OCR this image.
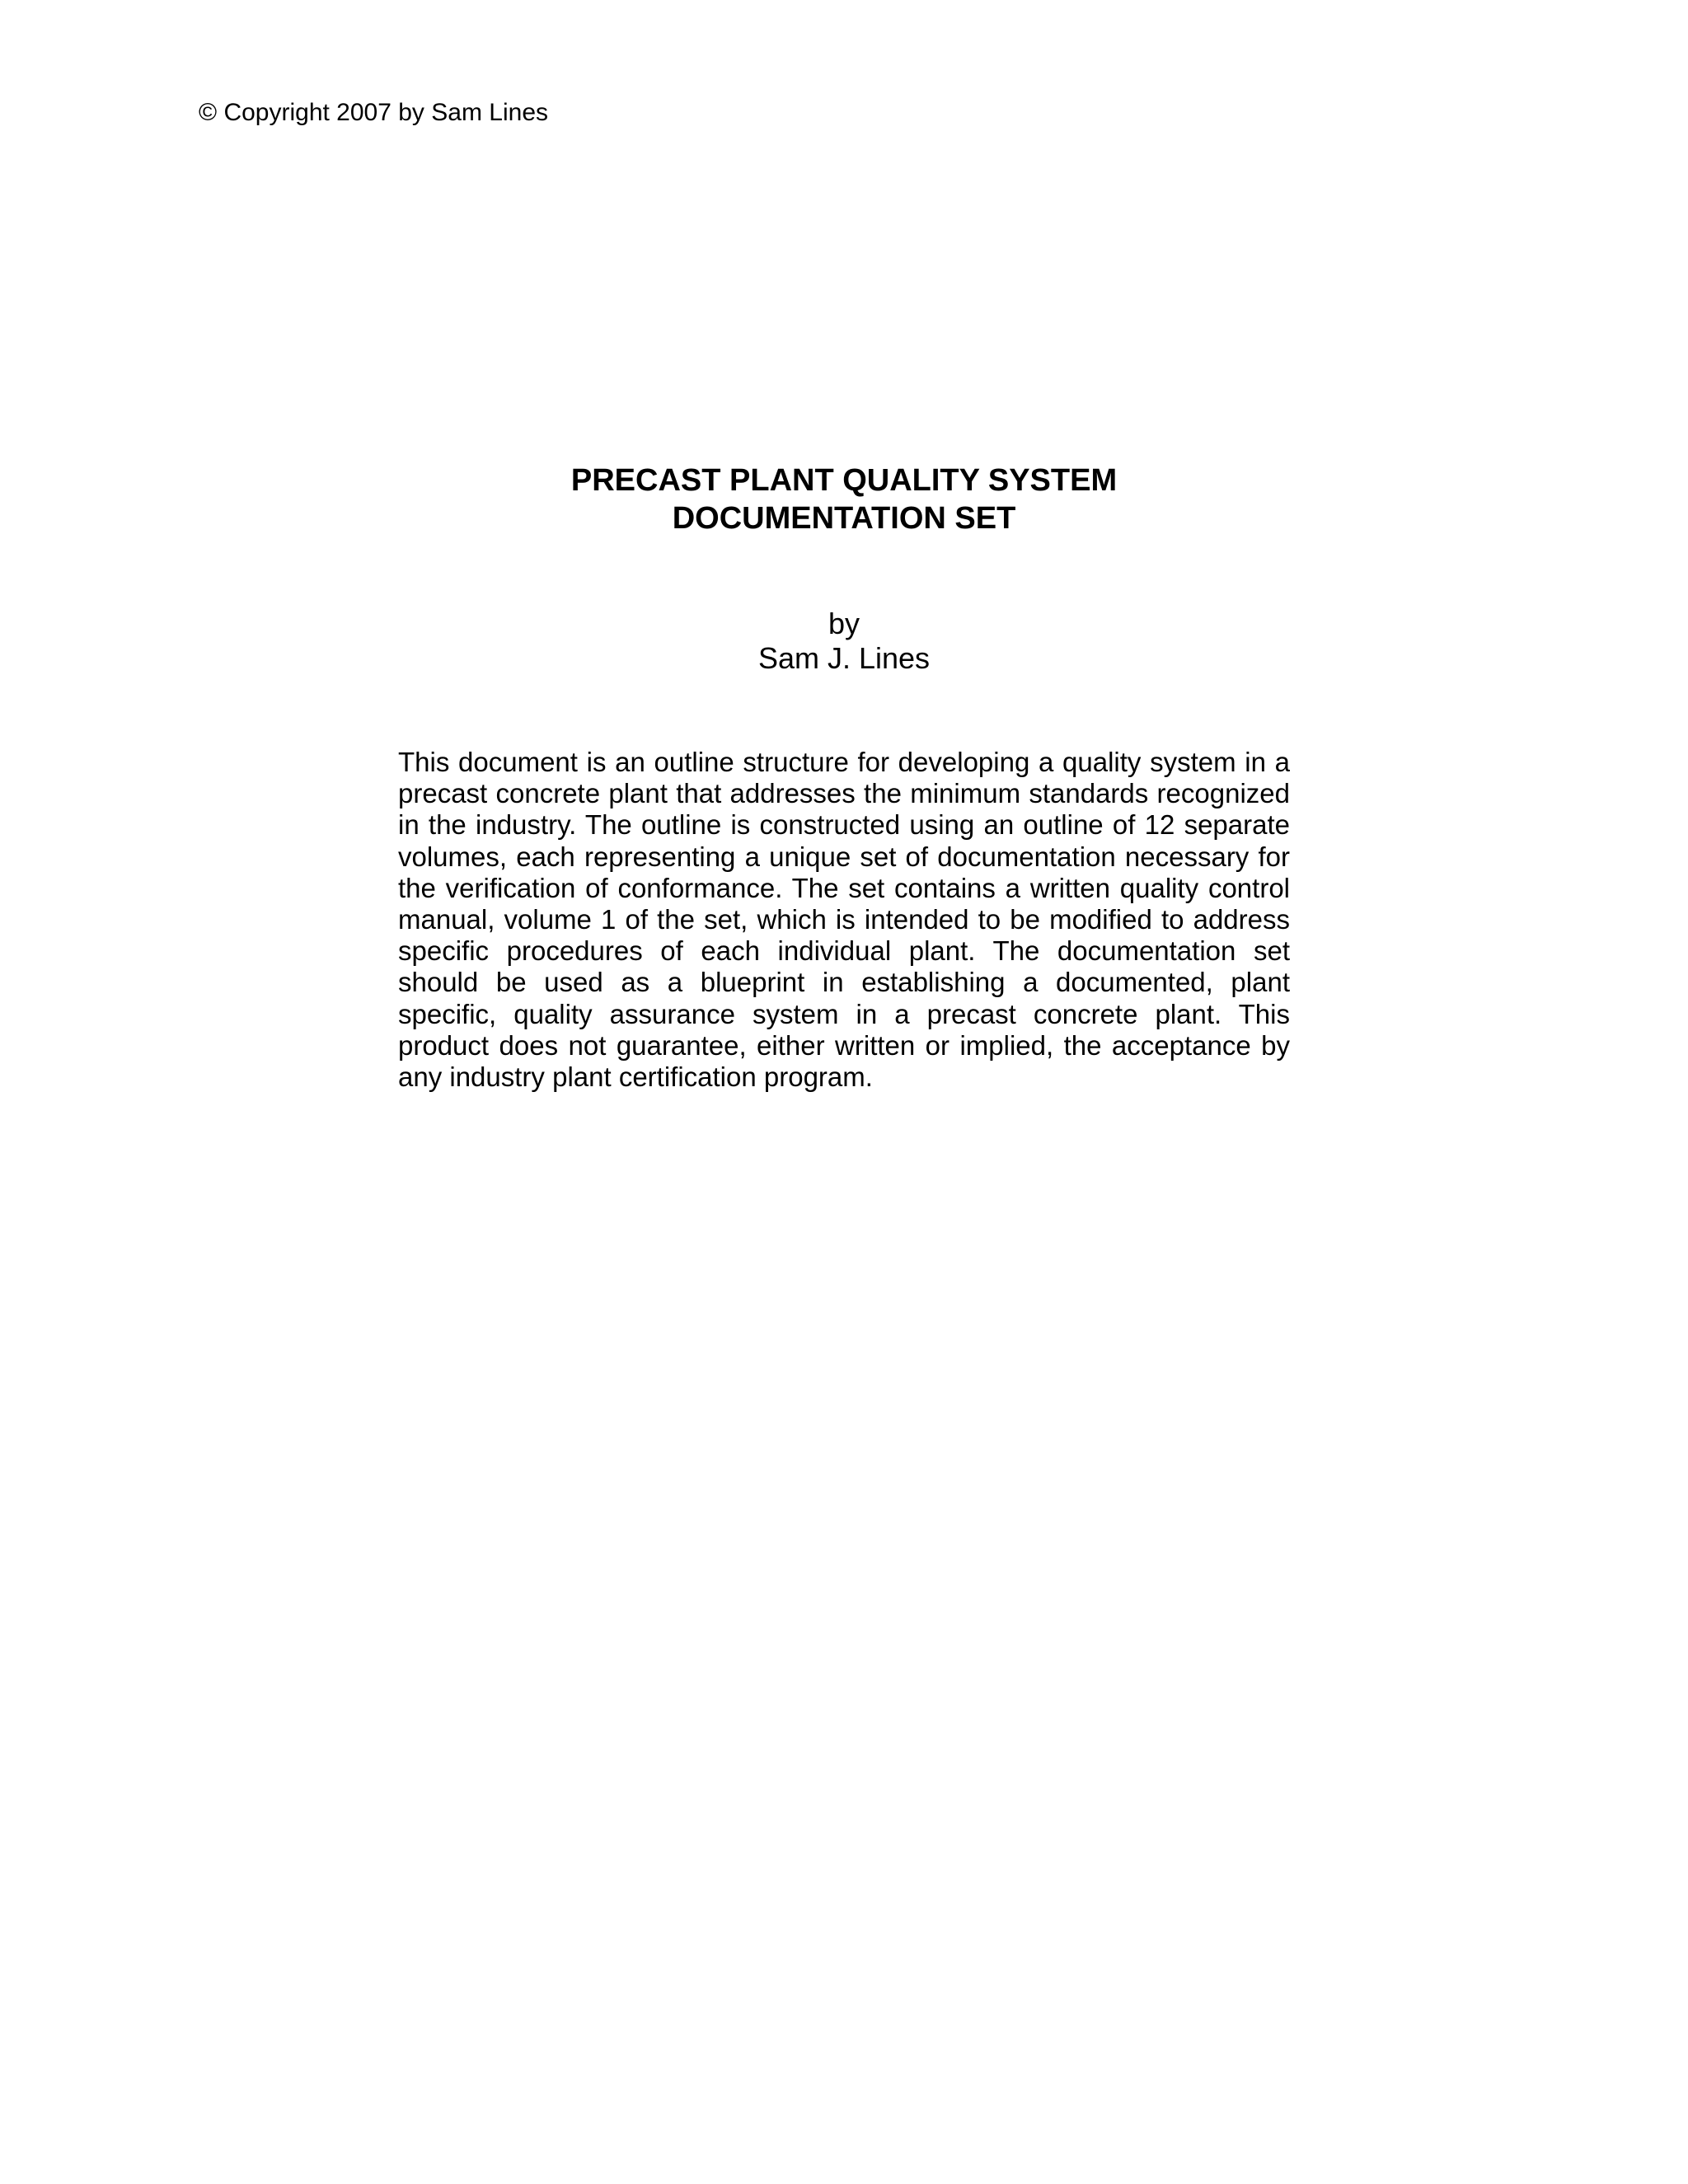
© Copyright 2007 by Sam Lines
PRECAST PLANT QUALITY SYSTEM
DOCUMENTATION SET
by
Sam J. Lines

This document is an outline structure for developing a quality system in a precast concrete plant that addresses the minimum standards recognized in the industry. The outline is constructed using an outline of 12 separate volumes, each representing a unique set of documentation necessary for the verification of conformance. The set contains a written quality control manual, volume 1 of the set, which is intended to be modified to address specific procedures of each individual plant. The documentation set should be used as a blueprint in establishing a documented, plant specific, quality assurance system in a precast concrete plant. This product does not guarantee, either written or implied, the acceptance by any industry plant certification program.
